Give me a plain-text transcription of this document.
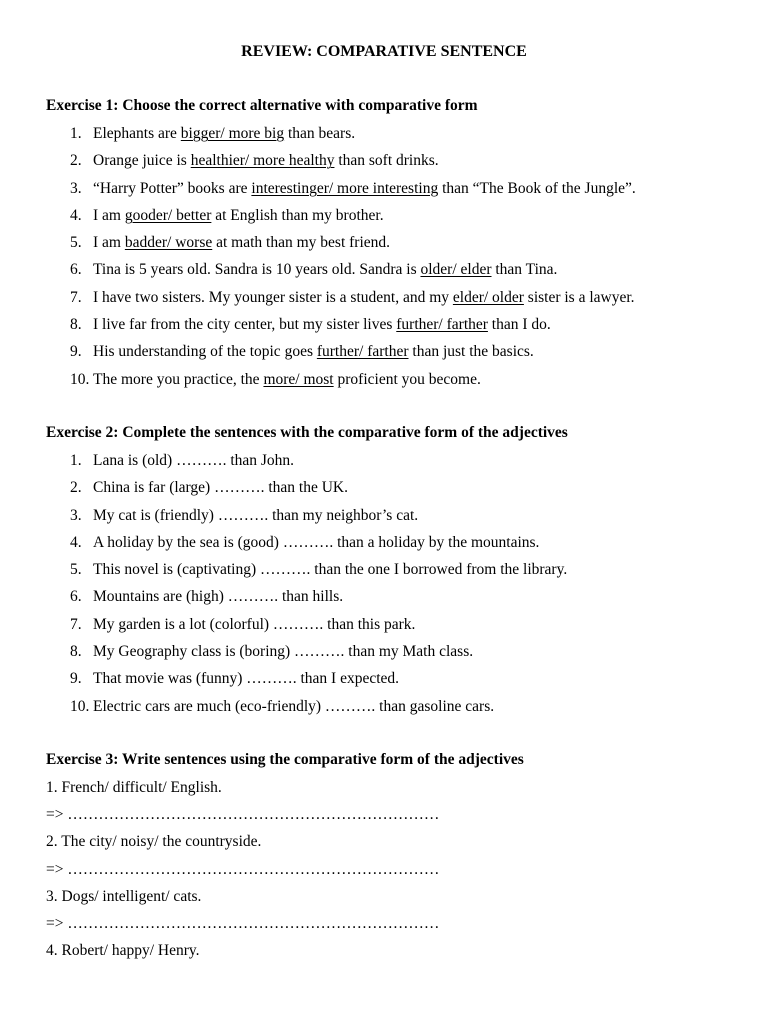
REVIEW: COMPARATIVE SENTENCE
Exercise 1: Choose the correct alternative with comparative form
1. Elephants are bigger/ more big than bears.
2. Orange juice is healthier/ more healthy than soft drinks.
3. “Harry Potter” books are interestinger/ more interesting than “The Book of the Jungle”.
4. I am gooder/ better at English than my brother.
5. I am badder/ worse at math than my best friend.
6. Tina is 5 years old. Sandra is 10 years old. Sandra is older/ elder than Tina.
7. I have two sisters. My younger sister is a student, and my elder/ older sister is a lawyer.
8. I live far from the city center, but my sister lives further/ farther than I do.
9. His understanding of the topic goes further/ farther than just the basics.
10. The more you practice, the more/ most proficient you become.
Exercise 2: Complete the sentences with the comparative form of the adjectives
1. Lana is (old) ………. than John.
2. China is far (large) ………. than the UK.
3. My cat is (friendly) ………. than my neighbor’s cat.
4. A holiday by the sea is (good) ………. than a holiday by the mountains.
5. This novel is (captivating) ………. than the one I borrowed from the library.
6. Mountains are (high) ………. than hills.
7. My garden is a lot (colorful) ………. than this park.
8. My Geography class is (boring) ………. than my Math class.
9. That movie was (funny) ………. than I expected.
10. Electric cars are much (eco-friendly) ………. than gasoline cars.
Exercise 3: Write sentences using the comparative form of the adjectives
1. French/ difficult/ English.
=> ………………………………………………………………
2. The city/ noisy/ the countryside.
=> ………………………………………………………………
3. Dogs/ intelligent/ cats.
=> ………………………………………………………………
4. Robert/ happy/ Henry.
